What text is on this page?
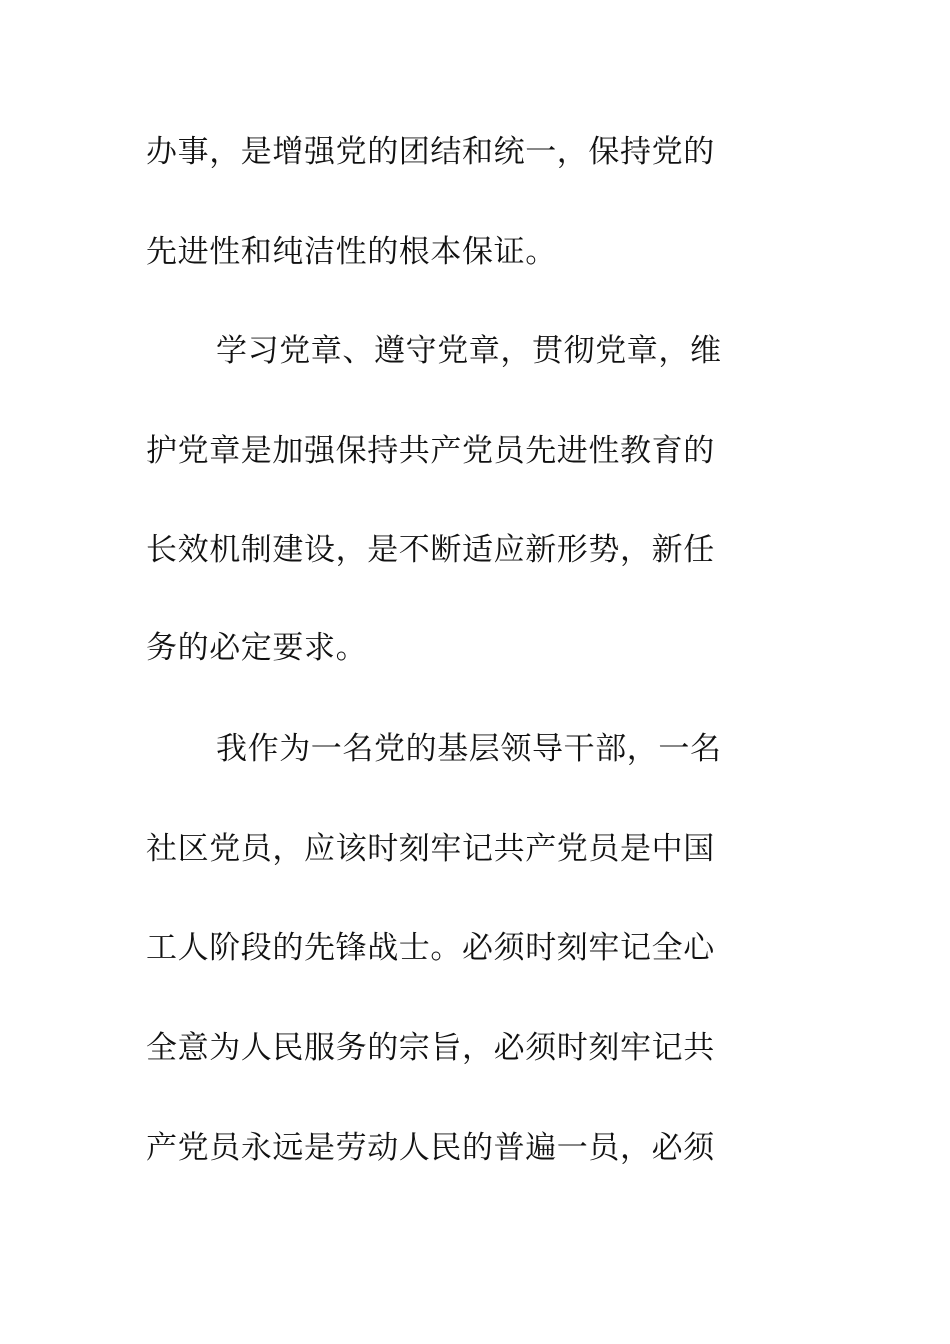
办事，是增强党的团结和统一，保持党的
先进性和纯洁性的根本保证。
学习党章、遵守党章，贯彻党章，维
护党章是加强保持共产党员先进性教育的
长效机制建设，是不断适应新形势，新任
务的必定要求。
我作为一名党的基层领导干部，一名
社区党员，应该时刻牢记共产党员是中国
工人阶段的先锋战士。必须时刻牢记全心
全意为人民服务的宗旨，必须时刻牢记共
产党员永远是劳动人民的普遍一员，必须
